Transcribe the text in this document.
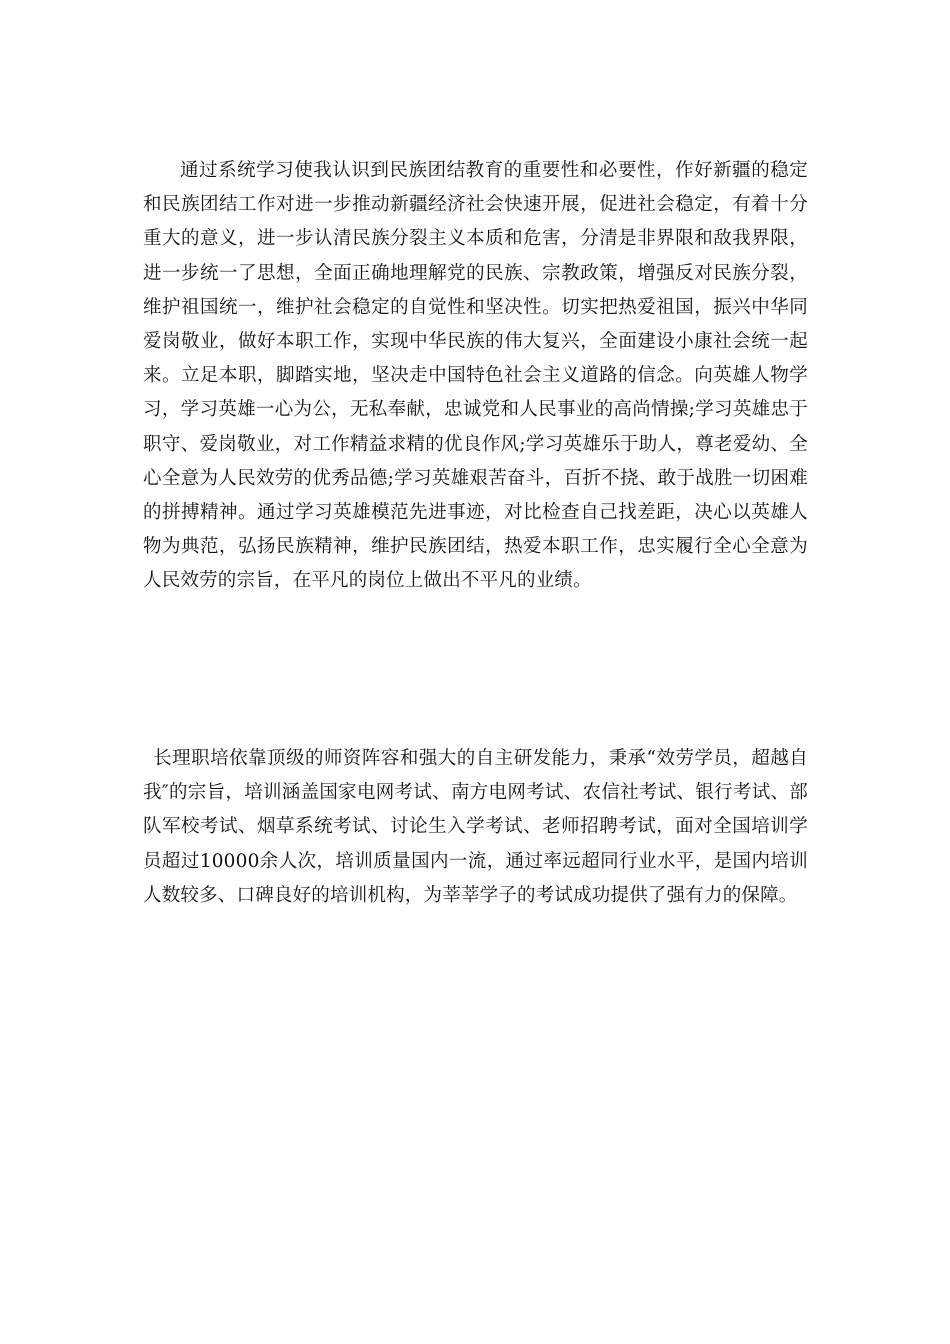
通过系统学习使我认识到民族团结教育的重要性和必要性，作好新疆的稳定和民族团结工作对进一步推动新疆经济社会快速开展，促进社会稳定，有着十分重大的意义，进一步认清民族分裂主义本质和危害，分清是非界限和敌我界限，进一步统一了思想，全面正确地理解党的民族、宗教政策，增强反对民族分裂，维护祖国统一，维护社会稳定的自觉性和坚决性。切实把热爱祖国，振兴中华同爱岗敬业，做好本职工作，实现中华民族的伟大复兴，全面建设小康社会统一起来。立足本职，脚踏实地，坚决走中国特色社会主义道路的信念。向英雄人物学习，学习英雄一心为公，无私奉献，忠诚党和人民事业的高尚情操;学习英雄忠于职守、爱岗敬业，对工作精益求精的优良作风;学习英雄乐于助人，尊老爱幼、全心全意为人民效劳的优秀品德;学习英雄艰苦奋斗，百折不挠、敢于战胜一切困难的拼搏精神。通过学习英雄模范先进事迹，对比检查自己找差距，决心以英雄人物为典范，弘扬民族精神，维护民族团结，热爱本职工作，忠实履行全心全意为人民效劳的宗旨，在平凡的岗位上做出不平凡的业绩。

长理职培依靠顶级的师资阵容和强大的自主研发能力，秉承“效劳学员，超越自我″的宗旨，培训涵盖国家电网考试、南方电网考试、农信社考试、银行考试、部队军校考试、烟草系统考试、讨论生入学考试、老师招聘考试，面对全国培训学员超过10000余人次，培训质量国内一流，通过率远超同行业水平，是国内培训人数较多、口碑良好的培训机构，为莘莘学子的考试成功提供了强有力的保障。
